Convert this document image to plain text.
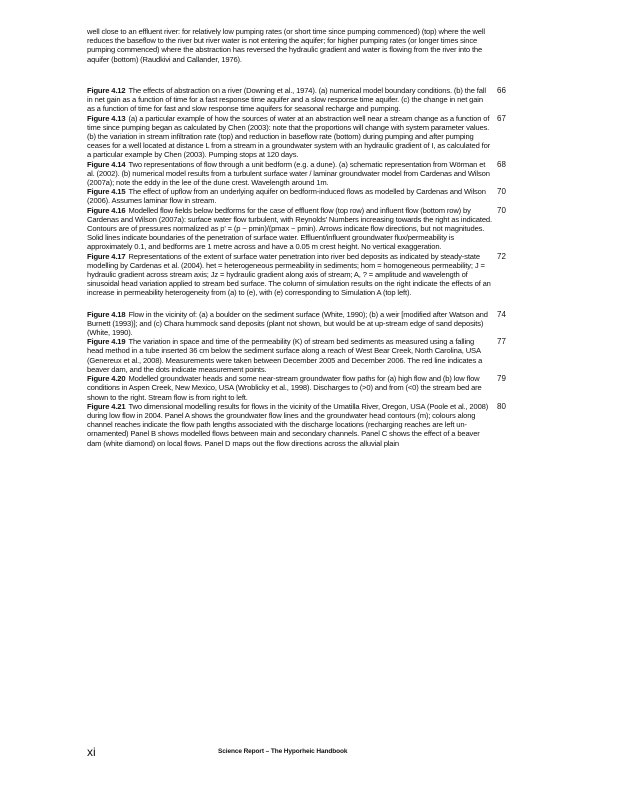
well close to an effluent river: for relatively low pumping rates (or short time since pumping commenced) (top) where the well reduces the baseflow to the river but river water is not entering the aquifer; for higher pumping rates (or longer times since pumping commenced) where the abstraction has reversed the hydraulic gradient and water is flowing from the river into the aquifer (bottom) (Raudkivi and Callander, 1976).
Figure 4.12 The effects of abstraction on a river (Downing et al., 1974). (a) numerical model boundary conditions. (b) the fall in net gain as a function of time for a fast response time aquifer and a slow response time aquifer. (c) the change in net gain as a function of time for fast and slow response time aquifers for seasonal recharge and pumping.
66
Figure 4.13 (a) a particular example of how the sources of water at an abstraction well near a stream change as a function of time since pumping began as calculated by Chen (2003): note that the proportions will change with system parameter values. (b) the variation in stream infiltration rate (top) and reduction in baseflow rate (bottom) during pumping and after pumping ceases for a well located at distance L from a stream in a groundwater system with an hydraulic gradient of I, as calculated for a particular example by Chen (2003). Pumping stops at 120 days.
67
Figure 4.14 Two representations of flow through a unit bedform (e.g. a dune). (a) schematic representation from Wörman et al. (2002). (b) numerical model results from a turbulent surface water / laminar groundwater model from Cardenas and Wilson (2007a); note the eddy in the lee of the dune crest. Wavelength around 1m.
68
Figure 4.15 The effect of upflow from an underlying aquifer on bedform-induced flows as modelled by Cardenas and Wilson (2006). Assumes laminar flow in stream.
70
Figure 4.16 Modelled flow fields below bedforms for the case of effluent flow (top row) and influent flow (bottom row) by Cardenas and Wilson (2007a): surface water flow turbulent, with Reynolds' Numbers increasing towards the right as indicated. Contours are of pressures normalized as p' = (p − pmin)/(pmax − pmin). Arrows indicate flow directions, but not magnitudes. Solid lines indicate boundaries of the penetration of surface water. Effluent/influent groundwater flux/permeability is approximately 0.1, and bedforms are 1 metre across and have a 0.05 m crest height. No vertical exaggeration.
70
Figure 4.17 Representations of the extent of surface water penetration into river bed deposits as indicated by steady-state modelling by Cardenas et al. (2004). het = heterogeneous permeability in sediments; hom = homogeneous permeability; J = hydraulic gradient across stream axis; Jz = hydraulic gradient along axis of stream; A, ? = amplitude and wavelength of sinusoidal head variation applied to stream bed surface. The column of simulation results on the right indicate the effects of an increase in permeability heterogeneity from (a) to (e), with (e) corresponding to Simulation A (top left).
72
Figure 4.18 Flow in the vicinity of: (a) a boulder on the sediment surface (White, 1990); (b) a weir [modified after Watson and Burnett (1993)]; and (c) Chara hummock sand deposits (plant not shown, but would be at up-stream edge of sand deposits) (White, 1990).
74
Figure 4.19 The variation in space and time of the permeability (K) of stream bed sediments as measured using a falling head method in a tube inserted 36 cm below the sediment surface along a reach of West Bear Creek, North Carolina, USA (Genereux et al., 2008). Measurements were taken between December 2005 and December 2006. The red line indicates a beaver dam, and the dots indicate measurement points.
77
Figure 4.20 Modelled groundwater heads and some near-stream groundwater flow paths for (a) high flow and (b) low flow conditions in Aspen Creek, New Mexico, USA (Wroblicky et al., 1998). Discharges to (>0) and from (<0) the stream bed are shown to the right. Stream flow is from right to left.
79
Figure 4.21 Two dimensional modelling results for flows in the vicinity of the Umatilla River, Oregon, USA (Poole et al., 2008) during low flow in 2004. Panel A shows the groundwater flow lines and the groundwater head contours (m); colours along channel reaches indicate the flow path lengths associated with the discharge locations (recharging reaches are left un-ornamented) Panel B shows modelled flows between main and secondary channels. Panel C shows the effect of a beaver dam (white diamond) on local flows. Panel D maps out the flow directions across the alluvial plain
80
xi	Science Report – The Hyporheic Handbook
